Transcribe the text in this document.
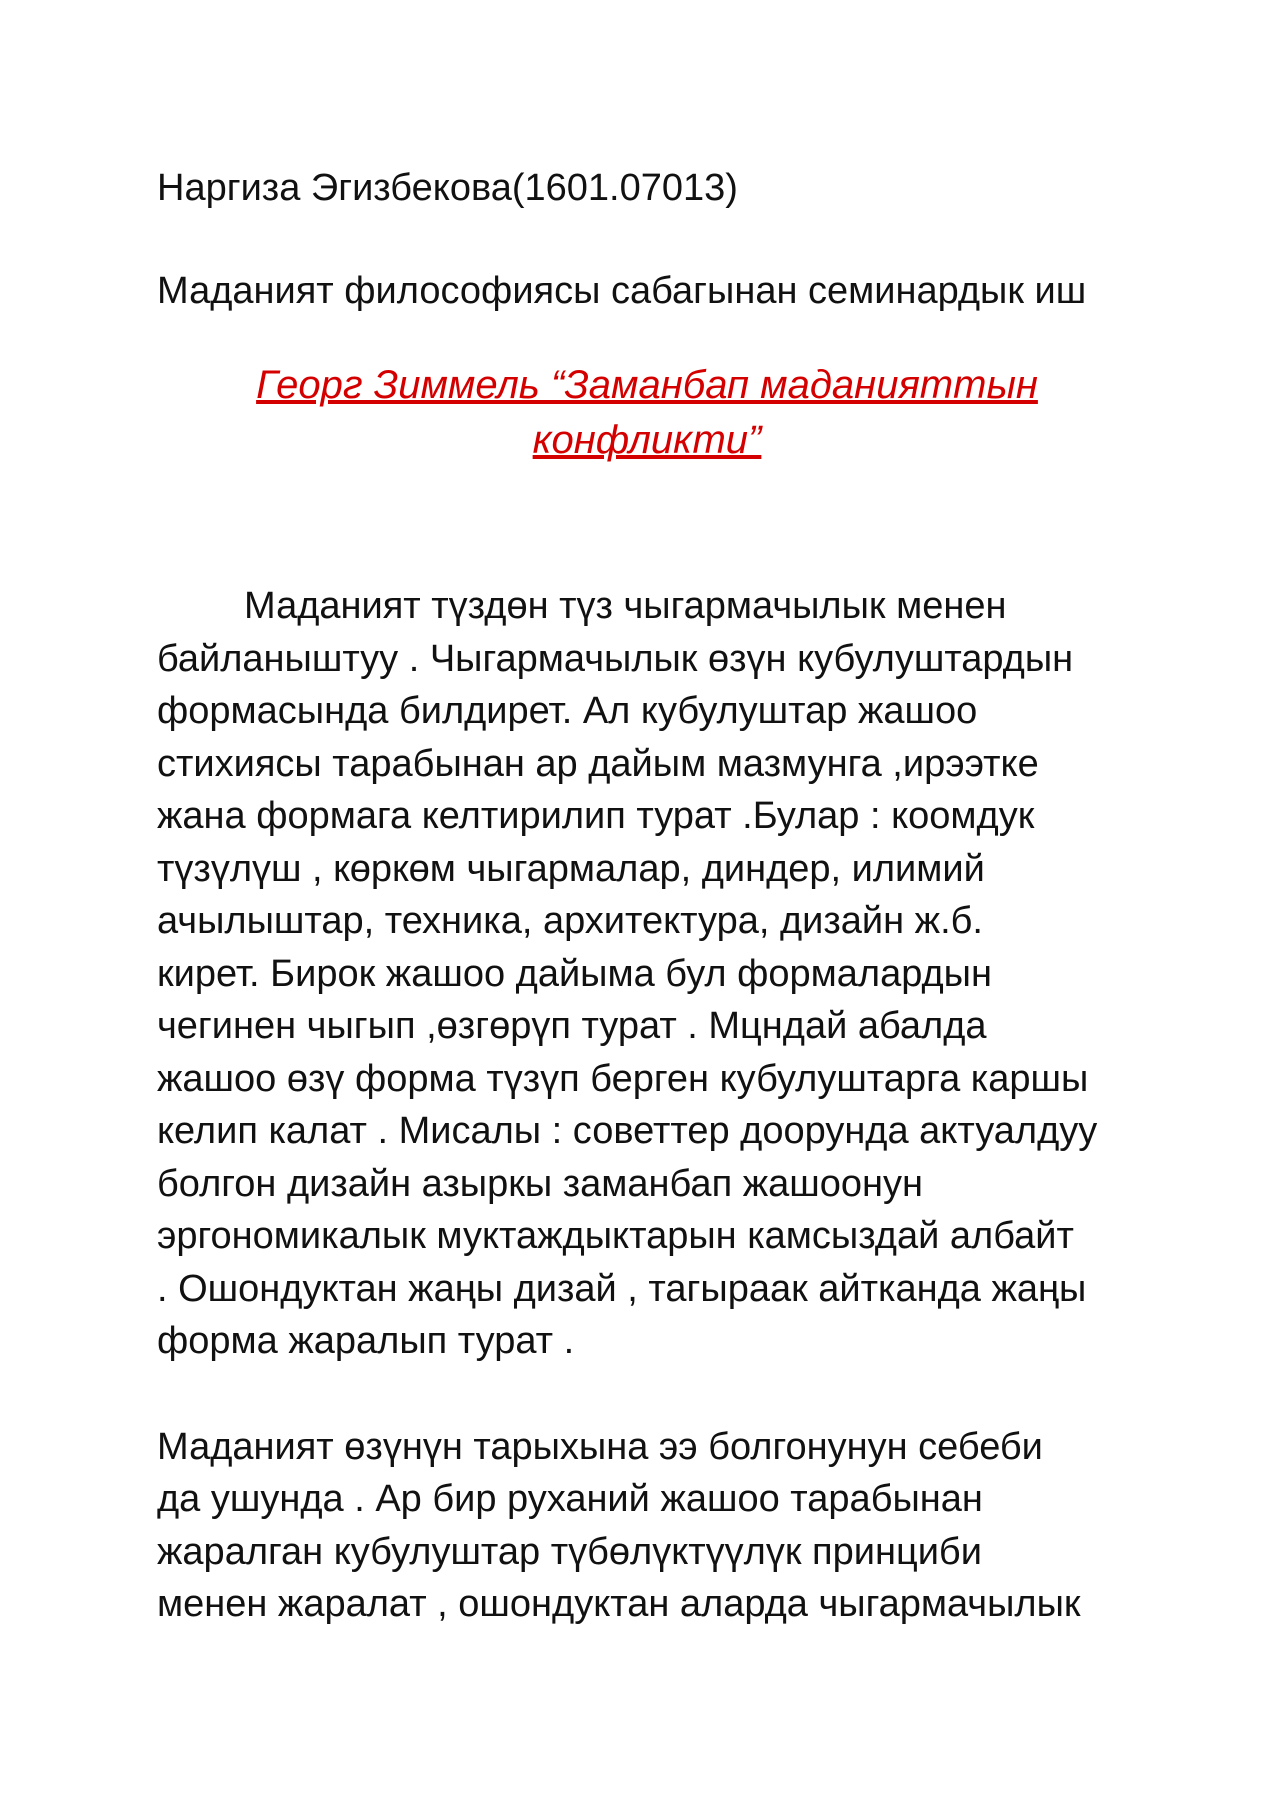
Наргиза Эгизбекова(1601.07013)

Маданият философиясы сабагынан семинардык иш

Георг Зиммель “Заманбап маданияттын
конфликти”

Маданият түздөн түз чыгармачылык менен

байланыштуу . Чыгармачылык өзүн кубулуштардын

формасында билдирет. Ал кубулуштар жашоо

стихиясы тарабынан ар дайым мазмунга ,ирээтке

жана формага келтирилип турат .Булар : коомдук

түзүлүш , көркөм чыгармалар, диндер, илимий

ачылыштар, техника, архитектура, дизайн ж.б.

кирет. Бирок жашоо дайыма бул формалардын

чегинен чыгып ,өзгөрүп турат . Мцндай абалда

жашоо өзү форма түзүп берген кубулуштарга каршы

келип калат . Мисалы : советтер доорунда актуалдуу

болгон дизайн азыркы заманбап жашоонун

эргономикалык муктаждыктарын камсыздай албайт

. Ошондуктан жаңы дизай , тагыраак айтканда жаңы

форма жаралып турат .

Маданият өзүнүн тарыхына ээ болгонунун себеби

да ушунда . Ар бир руханий жашоо тарабынан

жаралган кубулуштар түбөлүктүүлүк принциби

менен жаралат , ошондуктан аларда чыгармачылык
